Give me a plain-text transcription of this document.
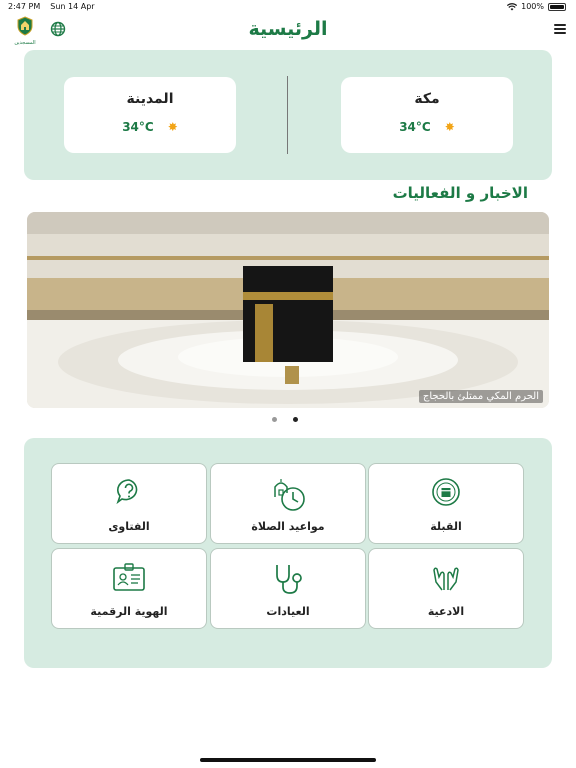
2:47 PM Sun 14 Apr	100%
المسجدين
الرئيسية
المدينة
34°C ✸
مكة
34°C ✸
الاخبار و الفعاليات
الحرم المكي ممتلئ بالحجاج
الفتاوى	مواعيد الصلاة	القبلة
الهوية الرقمية	العيادات	الادعية
